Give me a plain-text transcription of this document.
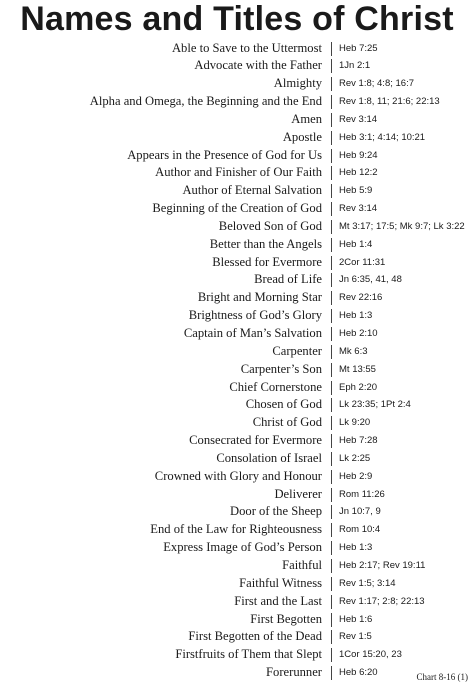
Names and Titles of Christ
Able to Save to the Uttermost Heb 7:25
Advocate with the Father 1Jn 2:1
Almighty Rev 1:8; 4:8; 16:7
Alpha and Omega, the Beginning and the End Rev 1:8, 11; 21:6; 22:13
Amen Rev 3:14
Apostle Heb 3:1; 4:14; 10:21
Appears in the Presence of God for Us Heb 9:24
Author and Finisher of Our Faith Heb 12:2
Author of Eternal Salvation Heb 5:9
Beginning of the Creation of God Rev 3:14
Beloved Son of God Mt 3:17; 17:5; Mk 9:7; Lk 3:22
Better than the Angels Heb 1:4
Blessed for Evermore 2Cor 11:31
Bread of Life Jn 6:35, 41, 48
Bright and Morning Star Rev 22:16
Brightness of God’s Glory Heb 1:3
Captain of Man’s Salvation Heb 2:10
Carpenter Mk 6:3
Carpenter’s Son Mt 13:55
Chief Cornerstone Eph 2:20
Chosen of God Lk 23:35; 1Pt 2:4
Christ of God Lk 9:20
Consecrated for Evermore Heb 7:28
Consolation of Israel Lk 2:25
Crowned with Glory and Honour Heb 2:9
Deliverer Rom 11:26
Door of the Sheep Jn 10:7, 9
End of the Law for Righteousness Rom 10:4
Express Image of God’s Person Heb 1:3
Faithful Heb 2:17; Rev 19:11
Faithful Witness Rev 1:5; 3:14
First and the Last Rev 1:17; 2:8; 22:13
First Begotten Heb 1:6
First Begotten of the Dead Rev 1:5
Firstfruits of Them that Slept 1Cor 15:20, 23
Forerunner Heb 6:20	Chart 8-16 (1)
